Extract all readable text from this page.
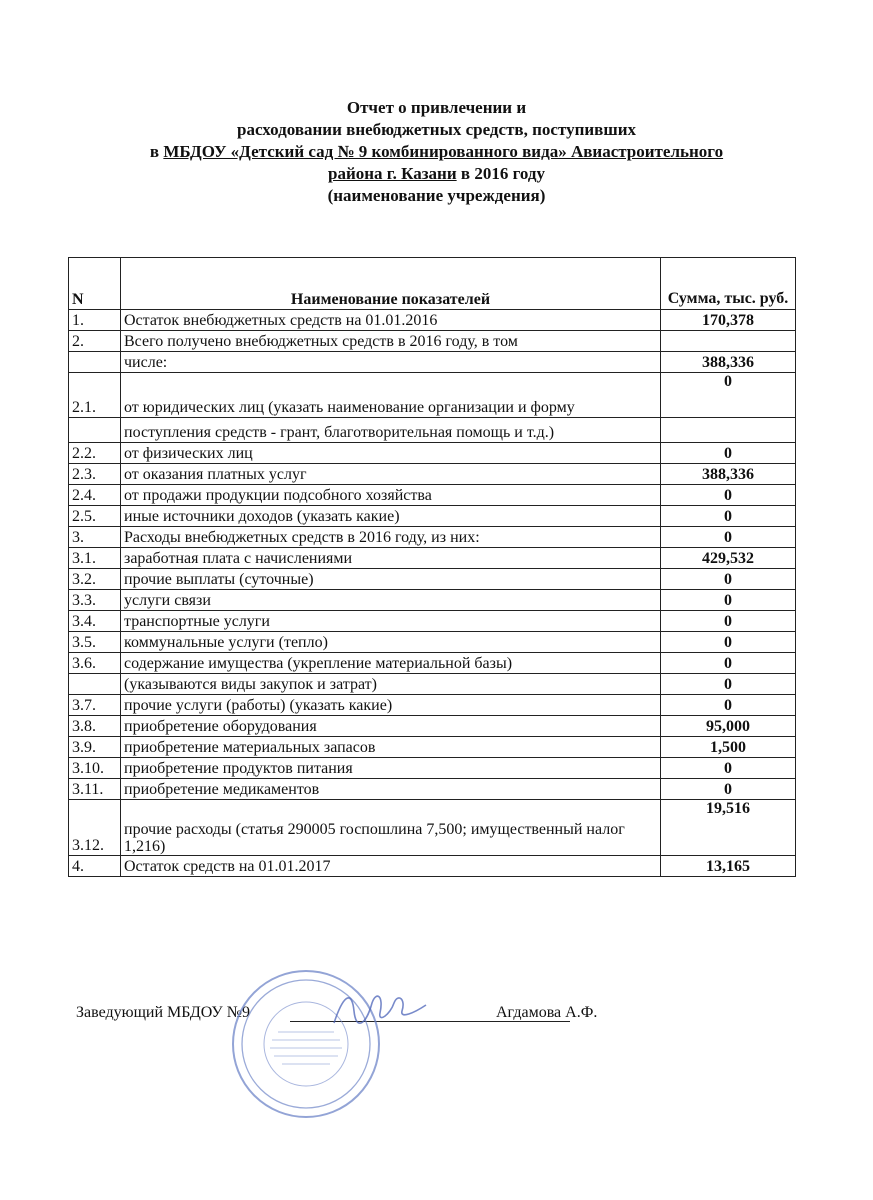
Отчет о привлечении и
расходовании внебюджетных средств, поступивших
в МБДОУ «Детский сад № 9 комбинированного вида» Авиастроительного
района г. Казани в 2016 году
(наименование учреждения)
N	Наименование показателей	Сумма, тыс. руб.
1.	Остаток внебюджетных средств на 01.01.2016	170,378
2.	Всего получено внебюджетных средств в 2016 году, в том	
	числе:	388,336
2.1.	от юридических лиц (указать наименование организации и форму	0
	поступления средств - грант, благотворительная помощь и т.д.)	
2.2.	от физических лиц	0
2.3.	от оказания платных услуг	388,336
2.4.	от продажи продукции подсобного хозяйства	0
2.5.	иные источники доходов (указать какие)	0
3.	Расходы внебюджетных средств в 2016 году, из них:	0
3.1.	заработная плата с начислениями	429,532
3.2.	прочие выплаты (суточные)	0
3.3.	услуги связи	0
3.4.	транспортные услуги	0
3.5.	коммунальные услуги (тепло)	0
3.6.	содержание имущества (укрепление материальной базы)	0
	(указываются виды закупок и затрат)	0
3.7.	прочие услуги (работы) (указать какие)	0
3.8.	приобретение оборудования	95,000
3.9.	приобретение материальных запасов	1,500
3.10.	приобретение продуктов питания	0
3.11.	приобретение медикаментов	0
3.12.	прочие расходы (статья 290005 госпошлина 7,500; имущественный налог 1,216)	19,516
4.	Остаток средств на 01.01.2017	13,165
Заведующий МБДОУ №9	Агдамова А.Ф.
